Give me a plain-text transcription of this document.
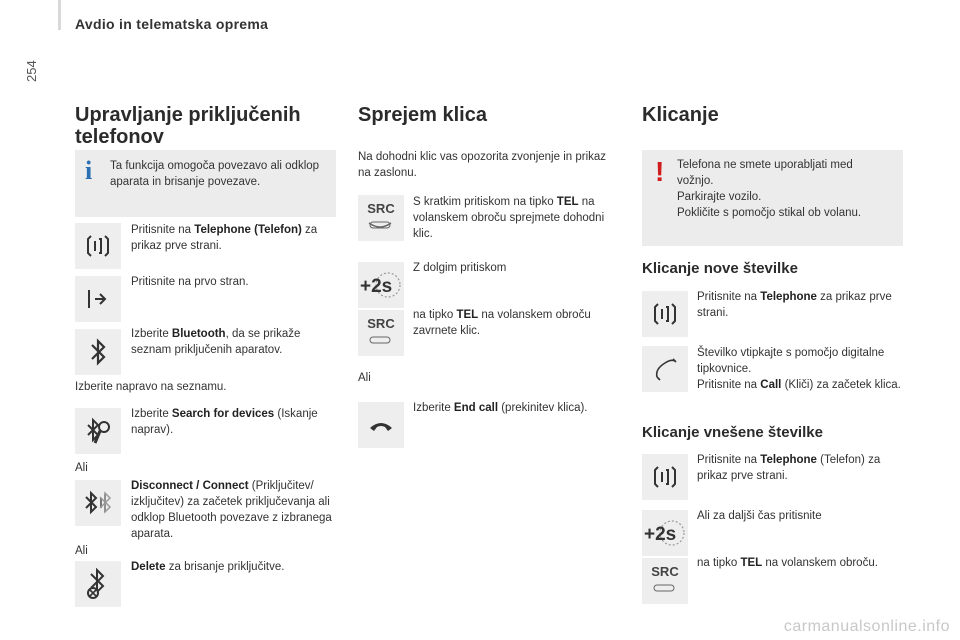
Avdio in telematska oprema
254
Upravljanje priključenih telefonov
i Ta funkcija omogoča povezavo ali odklop aparata in brisanje povezave.
Pritisnite na Telephone (Telefon) za prikaz prve strani.
Pritisnite na prvo stran.
Izberite Bluetooth, da se prikaže seznam priključenih aparatov.
Izberite napravo na seznamu.
Izberite Search for devices (Iskanje naprav).
Ali
Disconnect / Connect (Priključitev/ izključitev) za začetek priključevanja ali odklop Bluetooth povezave z izbranega aparata.
Ali
Delete za brisanje priključitve.
Sprejem klica
Na dohodni klic vas opozorita zvonjenje in prikaz na zaslonu.
SRC S kratkim pritiskom na tipko TEL na volanskem obroču sprejmete dohodni klic.
+2s
Z dolgim pritiskom
SRC
na tipko TEL na volanskem obroču zavrnete klic.
Ali
Izberite End call (prekinitev klica).
Klicanje
! Telefona ne smete uporabljati med vožnjo.
Parkirajte vozilo.
Pokličite s pomočjo stikal ob volanu.
Klicanje nove številke
Pritisnite na Telephone za prikaz prve strani.
Številko vtipkajte s pomočjo digitalne tipkovnice.
Pritisnite na Call (Kliči) za začetek klica.
Klicanje vnešene številke
Pritisnite na Telephone (Telefon) za prikaz prve strani.
+2s
Ali za daljši čas pritisnite
SRC
na tipko TEL na volanskem obroču.
carmanualsonline.info
